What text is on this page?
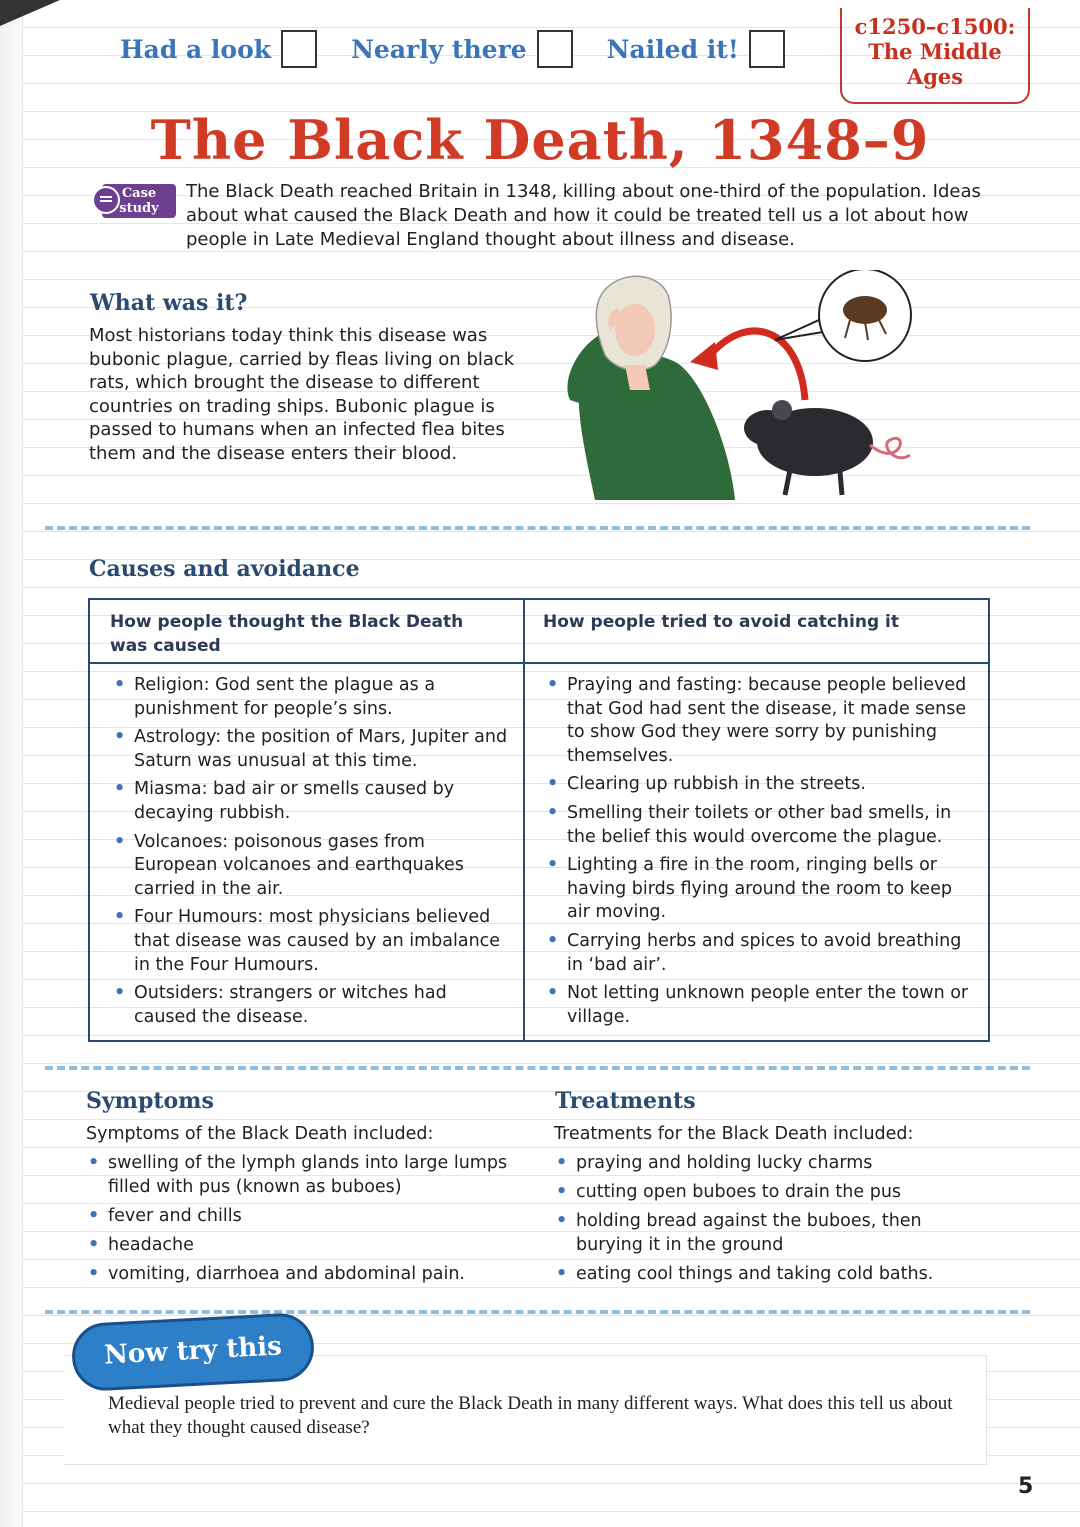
Had a look	Nearly there	Nailed it!
c1250–c1500:
The Middle
Ages
The Black Death, 1348–9
Case
study
The Black Death reached Britain in 1348, killing about one-third of the population. Ideas about what caused the Black Death and how it could be treated tell us a lot about how people in Late Medieval England thought about illness and disease.
What was it?
Most historians today think this disease was bubonic plague, carried by fleas living on black rats, which brought the disease to different countries on trading ships. Bubonic plague is passed to humans when an infected flea bites them and the disease enters their blood.
Causes and avoidance
How people thought the Black Death was caused
• Religion: God sent the plague as a punishment for people’s sins.
• Astrology: the position of Mars, Jupiter and Saturn was unusual at this time.
• Miasma: bad air or smells caused by decaying rubbish.
• Volcanoes: poisonous gases from European volcanoes and earthquakes carried in the air.
• Four Humours: most physicians believed that disease was caused by an imbalance in the Four Humours.
• Outsiders: strangers or witches had caused the disease.
How people tried to avoid catching it
• Praying and fasting: because people believed that God had sent the disease, it made sense to show God they were sorry by punishing themselves.
• Clearing up rubbish in the streets.
• Smelling their toilets or other bad smells, in the belief this would overcome the plague.
• Lighting a fire in the room, ringing bells or having birds flying around the room to keep air moving.
• Carrying herbs and spices to avoid breathing in ‘bad air’.
• Not letting unknown people enter the town or village.
Symptoms
Symptoms of the Black Death included:
• swelling of the lymph glands into large lumps filled with pus (known as buboes)
• fever and chills
• headache
• vomiting, diarrhoea and abdominal pain.
Treatments
Treatments for the Black Death included:
• praying and holding lucky charms
• cutting open buboes to drain the pus
• holding bread against the buboes, then burying it in the ground
• eating cool things and taking cold baths.
Now try this
Medieval people tried to prevent and cure the Black Death in many different ways. What does this tell us about what they thought caused disease?
5
